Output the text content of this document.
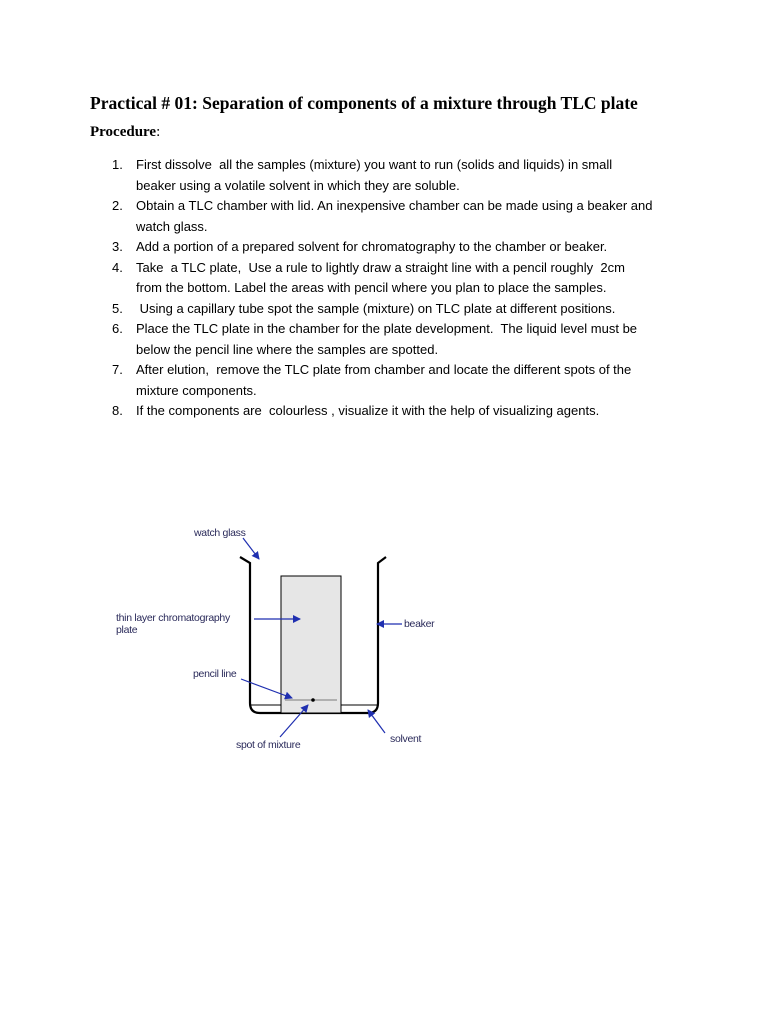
Practical # 01: Separation of components of a mixture through TLC plate

Procedure:

1. First dissolve  all the samples (mixture) you want to run (solids and liquids) in small
beaker using a volatile solvent in which they are soluble.
2. Obtain a TLC chamber with lid. An inexpensive chamber can be made using a beaker and
watch glass.
3. Add a portion of a prepared solvent for chromatography to the chamber or beaker.
4. Take  a TLC plate,  Use a rule to lightly draw a straight line with a pencil roughly  2cm
from the bottom. Label the areas with pencil where you plan to place the samples.
5. Using a capillary tube spot the sample (mixture) on TLC plate at different positions.
6. Place the TLC plate in the chamber for the plate development.  The liquid level must be
below the pencil line where the samples are spotted.
7. After elution,  remove the TLC plate from chamber and locate the different spots of the
mixture components.
8. If the components are  colourless , visualize it with the help of visualizing agents.
watch glass
thin layer chromatography
plate	beaker
pencil line
spot of mixture	solvent
